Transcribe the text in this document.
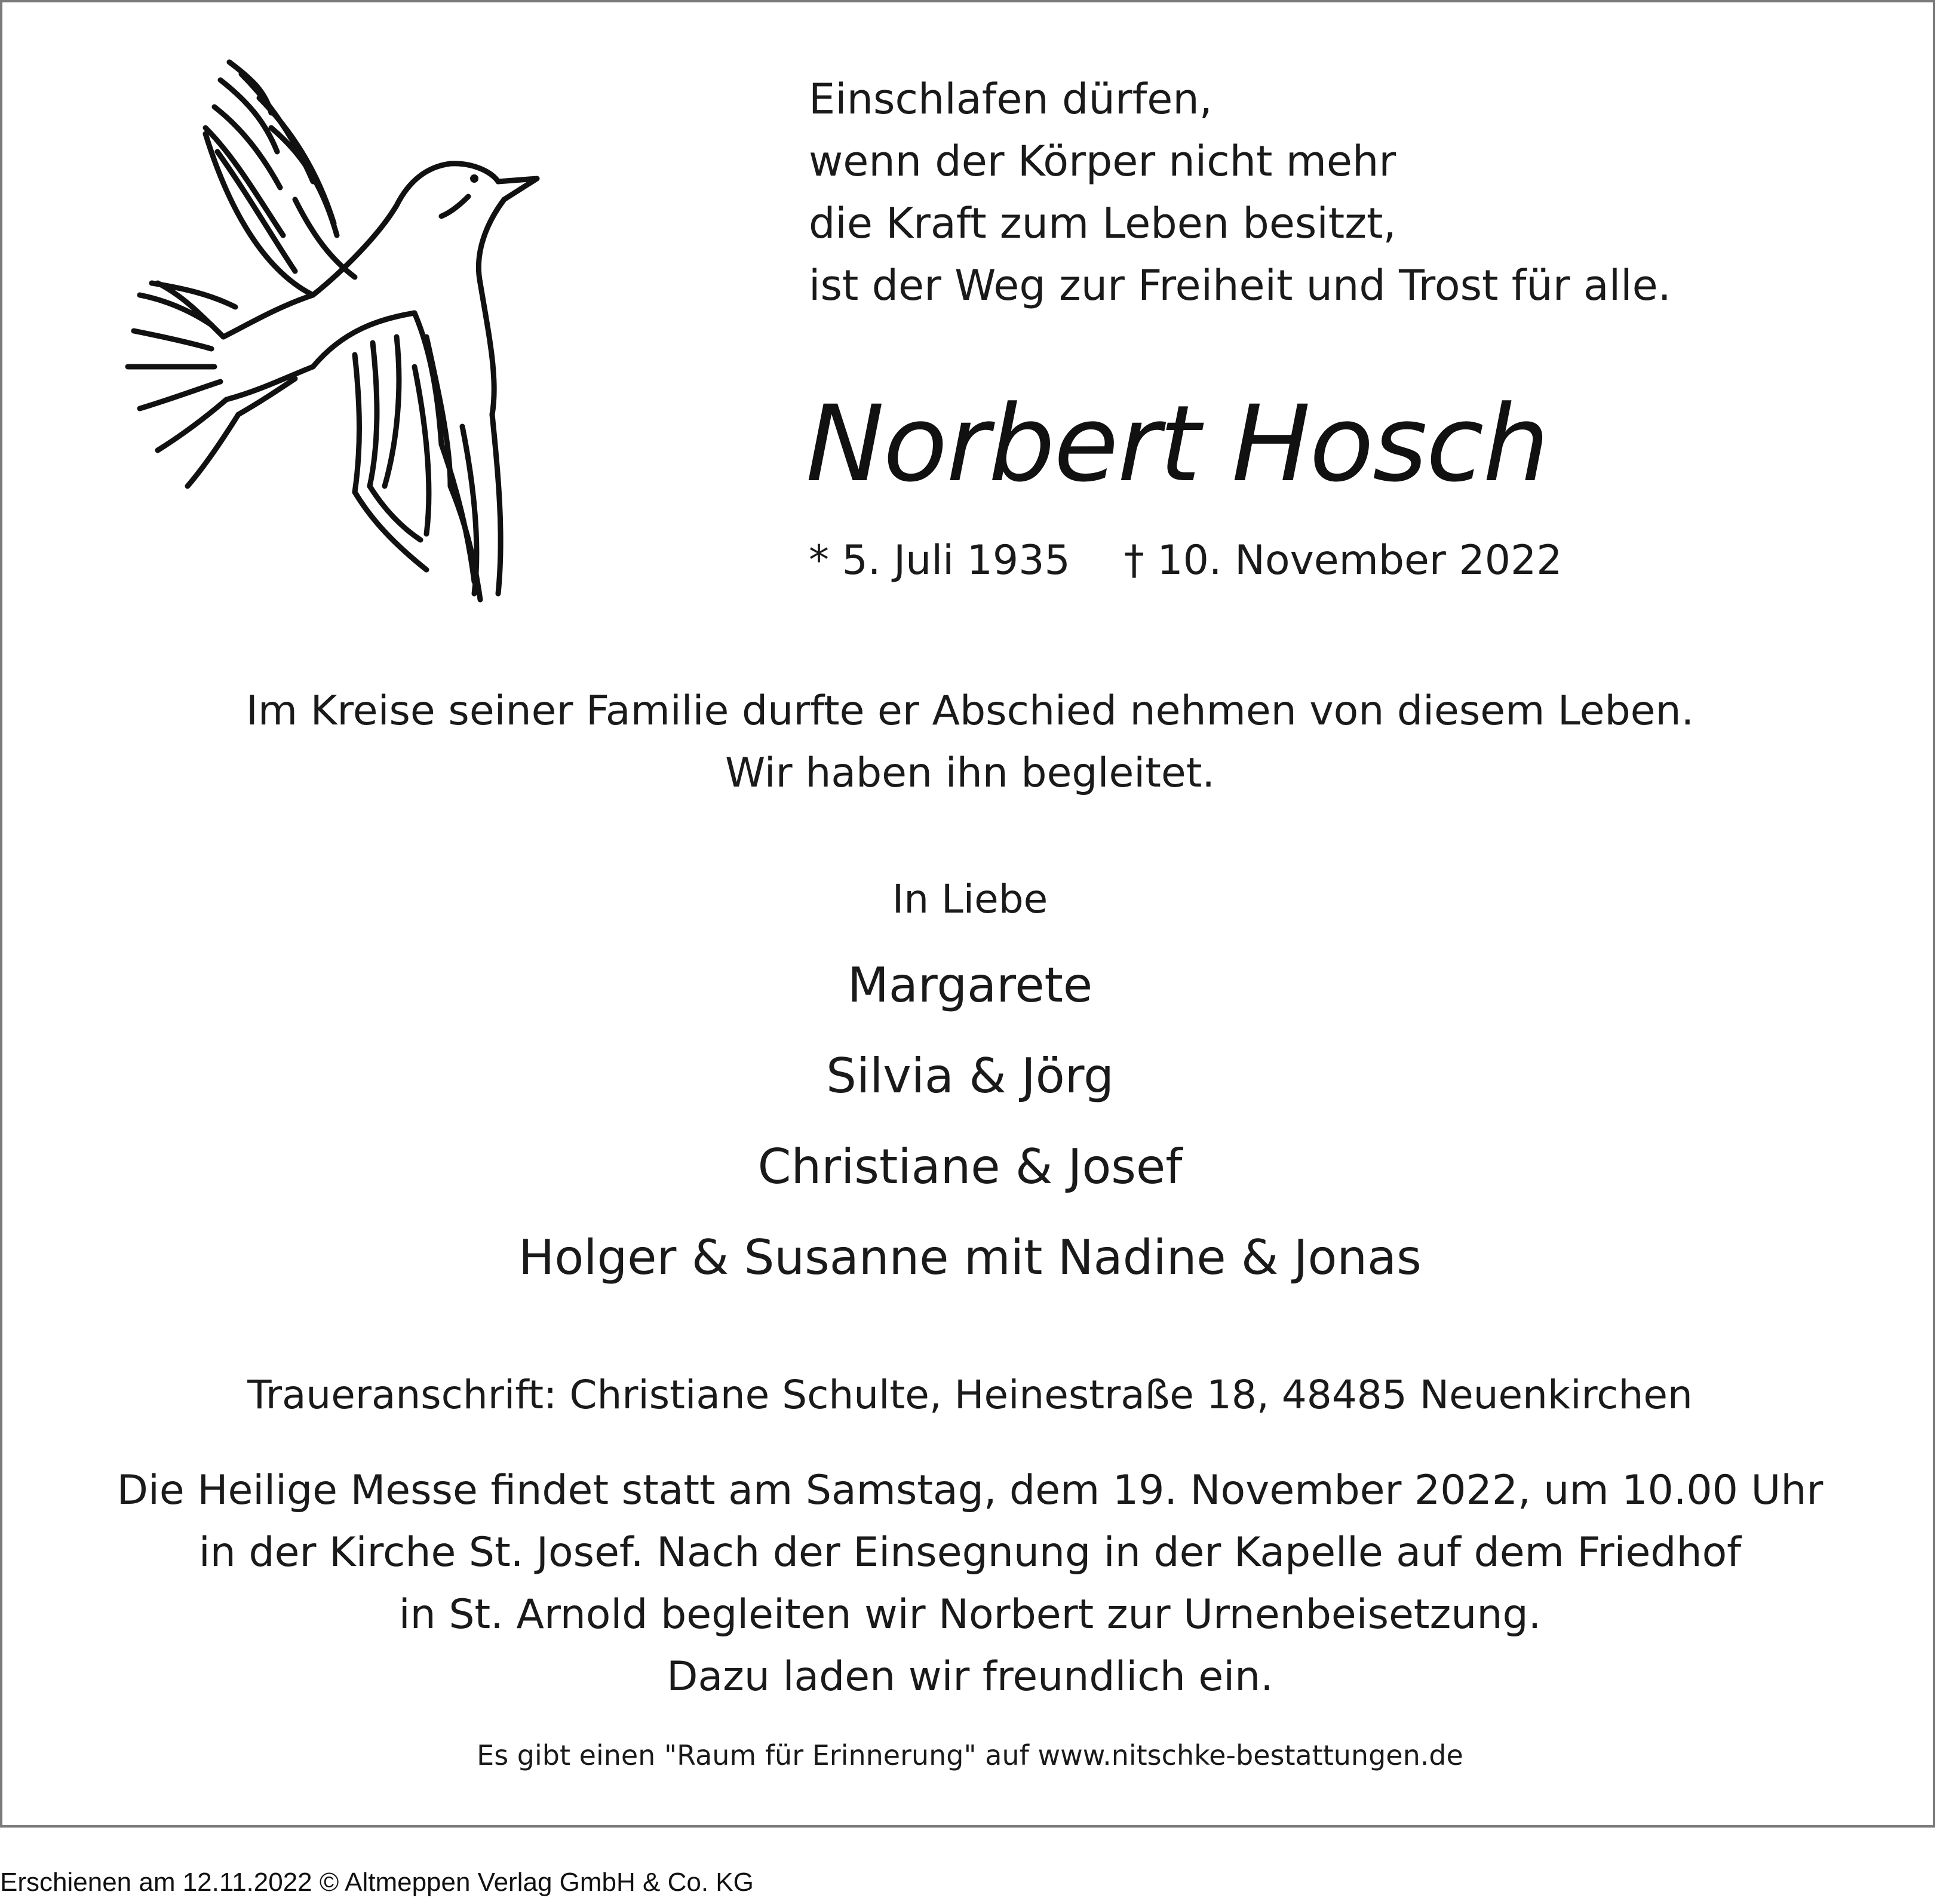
Einschlafen dürfen,
wenn der Körper nicht mehr
die Kraft zum Leben besitzt,
ist der Weg zur Freiheit und Trost für alle.
Norbert Hosch
* 5. Juli 1935 † 10. November 2022
Im Kreise seiner Familie durfte er Abschied nehmen von diesem Leben.
Wir haben ihn begleitet.
In Liebe
Margarete
Silvia & Jörg
Christiane & Josef
Holger & Susanne mit Nadine & Jonas
Traueranschrift: Christiane Schulte, Heinestraße 18, 48485 Neuenkirchen
Die Heilige Messe findet statt am Samstag, dem 19. November 2022, um 10.00 Uhr
in der Kirche St. Josef. Nach der Einsegnung in der Kapelle auf dem Friedhof
in St. Arnold begleiten wir Norbert zur Urnenbeisetzung.
Dazu laden wir freundlich ein.
Es gibt einen "Raum für Erinnerung" auf www.nitschke-bestattungen.de
Erschienen am 12.11.2022 © Altmeppen Verlag GmbH & Co. KG
